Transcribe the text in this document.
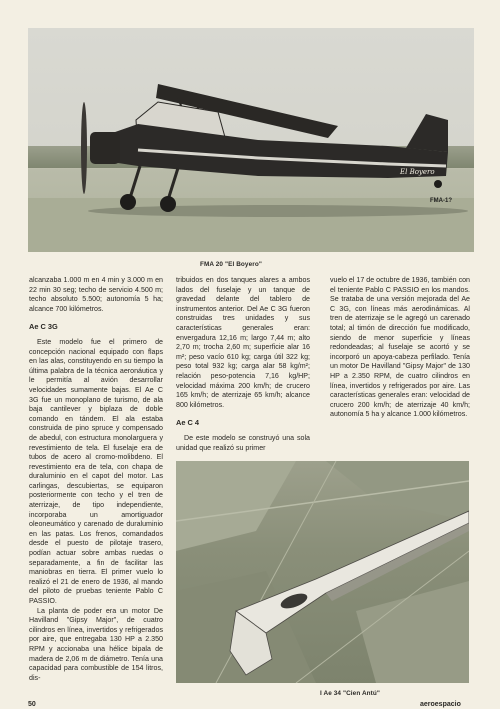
El Boyero
FMA-1?
FMA 20 "El Boyero"

alcanzaba 1.000 m en 4 min y 3.000 m en 22 min 30 seg; techo de servicio 4.500 m; techo absoluto 5.500; autonomía 5 ha; alcance 700 kilómetros.

Ae C 3G

Este modelo fue el primero de concepción nacional equipado con flaps en las alas, constituyendo en su tiempo la última palabra de la técnica aeronáutica y le permitía al avión desarrollar velocidades sumamente bajas. El Ae C 3G fue un monoplano de turismo, de ala baja cantilever y biplaza de doble comando en tándem. El ala estaba construida de pino spruce y compensado de abedul, con estructura monolarguera y revestimiento de tela. El fuselaje era de tubos de acero al cromo-molibdeno. El revestimiento era de tela, con chapa de duraluminio en el capot del motor. Las carlingas, descubiertas, se equiparon posteriormente con techo y el tren de aterrizaje, de tipo independiente, incorporaba un amortiguador oleoneumático y carenado de duraluminio en las patas. Los frenos, comandados desde el puesto de pilotaje trasero, podían actuar sobre ambas ruedas o separadamente, a fin de facilitar las maniobras en tierra. El primer vuelo lo realizó el 21 de enero de 1936, al mando del piloto de pruebas teniente Pablo C PASSIO.

La planta de poder era un motor De Havilland "Gipsy Major", de cuatro cilindros en línea, invertidos y refrigerados por aire, que entregaba 130 HP a 2.350 RPM y accionaba una hélice bipala de madera de 2,06 m de diámetro. Tenía una capacidad para combustible de 154 litros, dis-

tribuidos en dos tanques alares a ambos lados del fuselaje y un tanque de gravedad delante del tablero de instrumentos anterior. Del Ae C 3G fueron construidas tres unidades y sus características generales eran: envergadura 12,16 m; largo 7,44 m; alto 2,70 m; trocha 2,60 m; superficie alar 16 m²; peso vacío 610 kg; carga útil 322 kg; peso total 932 kg; carga alar 58 kg/m²; relación peso-potencia 7,16 kg/HP; velocidad máxima 200 km/h; de crucero 165 km/h; de aterrizaje 65 km/h; alcance 800 kilómetros.

Ae C 4

De este modelo se construyó una sola unidad que realizó su primer

vuelo el 17 de octubre de 1936, también con el teniente Pablo C PASSIO en los mandos. Se trataba de una versión mejorada del Ae C 3G, con líneas más aerodinámicas. Al tren de aterrizaje se le agregó un carenado total; al timón de dirección fue modificado, siendo de menor superficie y líneas redondeadas; al fuselaje se acortó y se incorporó un apoya-cabeza perfilado. Tenía un motor De Havilland "Gipsy Major" de 130 HP a 2.350 RPM, de cuatro cilindros en línea, invertidos y refrigerados por aire. Las características generales eran: velocidad de crucero 200 km/h; de aterrizaje 40 km/h; autonomía 5 ha y alcance 1.000 kilómetros.

I Ae 34 "Cien Antú"
50	aeroespacio
